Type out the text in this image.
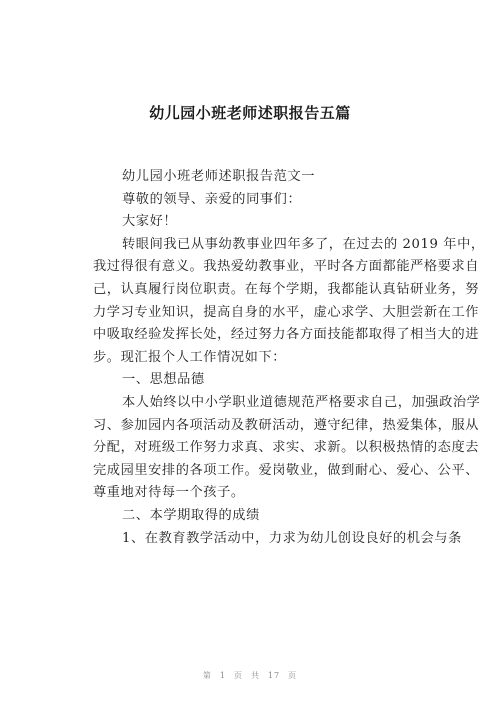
幼儿园小班老师述职报告五篇
幼儿园小班老师述职报告范文一
尊敬的领导、亲爱的同事们：
大家好！
转眼间我已从事幼教事业四年多了，在过去的 2019 年中，
我过得很有意义。我热爱幼教事业，平时各方面都能严格要求自
己，认真履行岗位职责。在每个学期，我都能认真钻研业务，努
力学习专业知识，提高自身的水平，虚心求学、大胆尝新在工作
中吸取经验发挥长处，经过努力各方面技能都取得了相当大的进
步。现汇报个人工作情况如下：
一、思想品德
本人始终以中小学职业道德规范严格要求自己，加强政治学
习、参加园内各项活动及教研活动，遵守纪律，热爱集体，服从
分配，对班级工作努力求真、求实、求新。以积极热情的态度去
完成园里安排的各项工作。爱岗敬业，做到耐心、爱心、公平、
尊重地对待每一个孩子。
二、本学期取得的成绩
1、在教育教学活动中，力求为幼儿创设良好的机会与条
第 1 页 共 17 页
